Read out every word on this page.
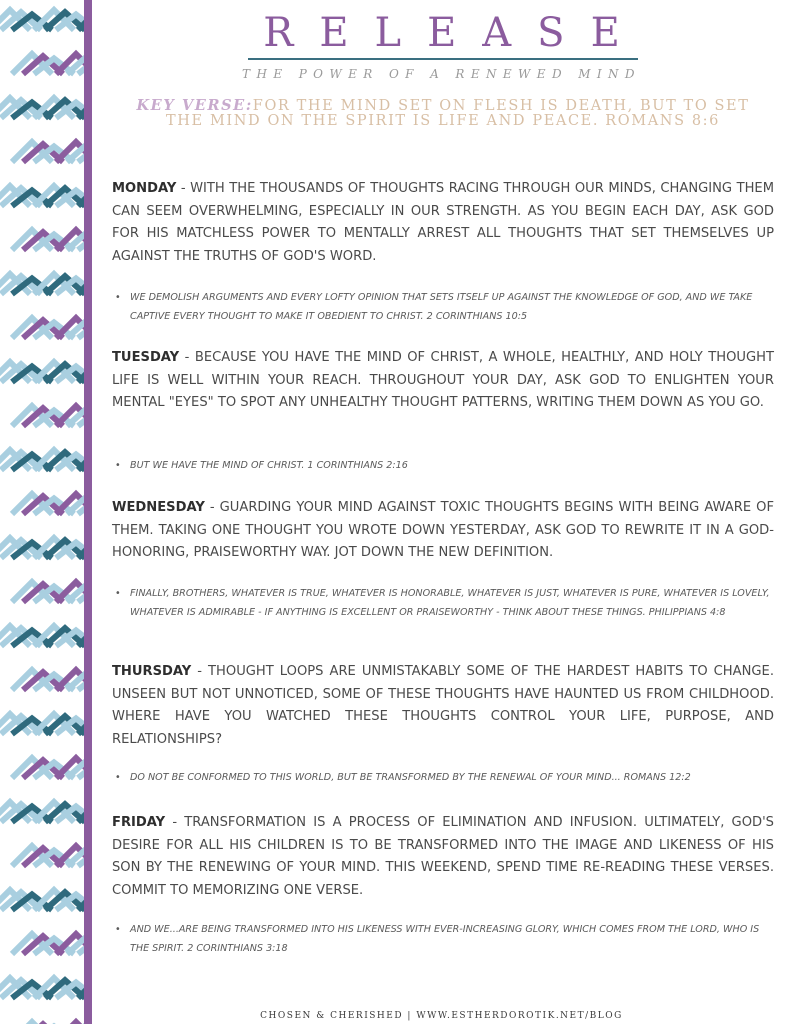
RELEASE
THE POWER OF A RENEWED MIND
KEY VERSE:FOR THE MIND SET ON FLESH IS DEATH, BUT TO SET THE MIND ON THE SPIRIT IS LIFE AND PEACE. ROMANS 8:6
MONDAY - WITH THE THOUSANDS OF THOUGHTS RACING THROUGH OUR MINDS, CHANGING THEM CAN SEEM OVERWHELMING, ESPECIALLY IN OUR STRENGTH. AS YOU BEGIN EACH DAY, ASK GOD FOR HIS MATCHLESS POWER TO MENTALLY ARREST ALL THOUGHTS THAT SET THEMSELVES UP AGAINST THE TRUTHS OF GOD'S WORD.
• WE DEMOLISH ARGUMENTS AND EVERY LOFTY OPINION THAT SETS ITSELF UP AGAINST THE KNOWLEDGE OF GOD, AND WE TAKE CAPTIVE EVERY THOUGHT TO MAKE IT OBEDIENT TO CHRIST. 2 CORINTHIANS 10:5
TUESDAY - BECAUSE YOU HAVE THE MIND OF CHRIST, A WHOLE, HEALTHLY, AND HOLY THOUGHT LIFE IS WELL WITHIN YOUR REACH. THROUGHOUT YOUR DAY, ASK GOD TO ENLIGHTEN YOUR MENTAL "EYES" TO SPOT ANY UNHEALTHY THOUGHT PATTERNS, WRITING THEM DOWN AS YOU GO.
• BUT WE HAVE THE MIND OF CHRIST. 1 CORINTHIANS 2:16
WEDNESDAY - GUARDING YOUR MIND AGAINST TOXIC THOUGHTS BEGINS WITH BEING AWARE OF THEM. TAKING ONE THOUGHT YOU WROTE DOWN YESTERDAY, ASK GOD TO REWRITE IT IN A GOD-HONORING, PRAISEWORTHY WAY. JOT DOWN THE NEW DEFINITION.
• FINALLY, BROTHERS, WHATEVER IS TRUE, WHATEVER IS HONORABLE, WHATEVER IS JUST, WHATEVER IS PURE, WHATEVER IS LOVELY, WHATEVER IS ADMIRABLE - IF ANYTHING IS EXCELLENT OR PRAISEWORTHY - THINK ABOUT THESE THINGS. PHILIPPIANS 4:8
THURSDAY - THOUGHT LOOPS ARE UNMISTAKABLY SOME OF THE HARDEST HABITS TO CHANGE. UNSEEN BUT NOT UNNOTICED, SOME OF THESE THOUGHTS HAVE HAUNTED US FROM CHILDHOOD. WHERE HAVE YOU WATCHED THESE THOUGHTS CONTROL YOUR LIFE, PURPOSE, AND RELATIONSHIPS?
• DO NOT BE CONFORMED TO THIS WORLD, BUT BE TRANSFORMED BY THE RENEWAL OF YOUR MIND... ROMANS 12:2
FRIDAY - TRANSFORMATION IS A PROCESS OF ELIMINATION AND INFUSION. ULTIMATELY, GOD'S DESIRE FOR ALL HIS CHILDREN IS TO BE TRANSFORMED INTO THE IMAGE AND LIKENESS OF HIS SON BY THE RENEWING OF YOUR MIND. THIS WEEKEND, SPEND TIME RE-READING THESE VERSES. COMMIT TO MEMORIZING ONE VERSE.
• AND WE...ARE BEING TRANSFORMED INTO HIS LIKENESS WITH EVER-INCREASING GLORY, WHICH COMES FROM THE LORD, WHO IS THE SPIRIT. 2 CORINTHIANS 3:18
CHOSEN & CHERISHED | WWW.ESTHERDOROTIK.NET/BLOG
